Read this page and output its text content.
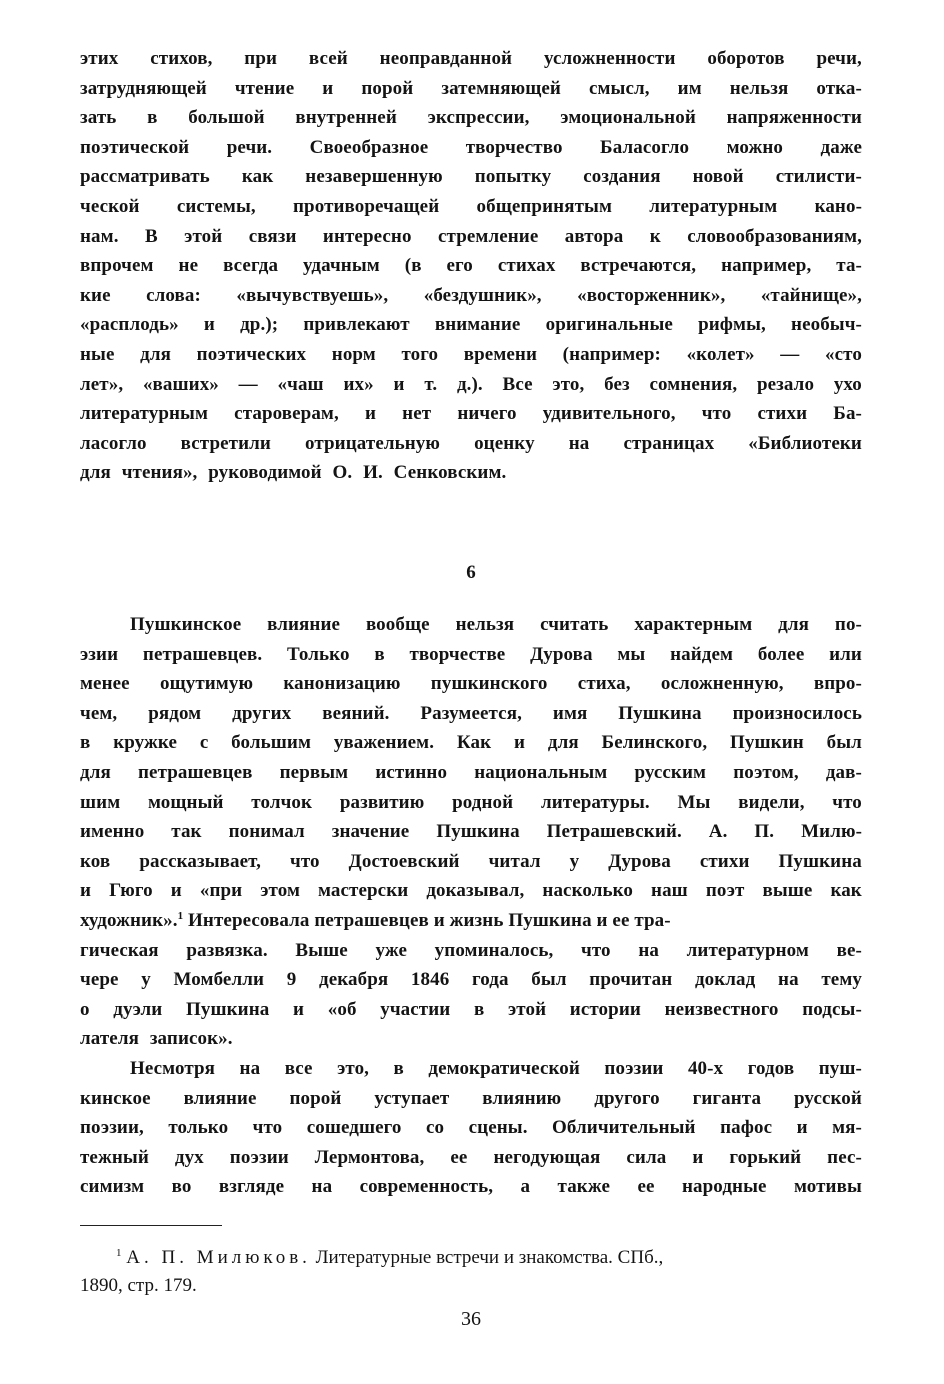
этих стихов, при всей неоправданной усложненности оборотов речи,
затрудняющей чтение и порой затемняющей смысл, им нельзя отка-
зать в большой внутренней экспрессии, эмоциональной напряженности
поэтической речи. Своеобразное творчество Баласогло можно даже
рассматривать как незавершенную попытку создания новой стилисти-
ческой системы, противоречащей общепринятым литературным кано-
нам. В этой связи интересно стремление автора к словообразованиям,
впрочем не всегда удачным (в его стихах встречаются, например, та-
кие слова: «вычувствуешь», «бездушник», «восторженник», «тайнище»,
«расплодь» и др.); привлекают внимание оригинальные рифмы, необыч-
ные для поэтических норм того времени (например: «колет» — «сто
лет», «ваших» — «чаш их» и т. д.). Все это, без сомнения, резало ухо
литературным староверам, и нет ничего удивительного, что стихи Ба-
ласогло встретили отрицательную оценку на страницах «Библиотеки
для чтения», руководимой О. И. Сенковским.
6
Пушкинское влияние вообще нельзя считать характерным для по-
эзии петрашевцев. Только в творчестве Дурова мы найдем более или
менее ощутимую канонизацию пушкинского стиха, осложненную, впро-
чем, рядом других веяний. Разумеется, имя Пушкина произносилось
в кружке с большим уважением. Как и для Белинского, Пушкин был
для петрашевцев первым истинно национальным русским поэтом, дав-
шим мощный толчок развитию родной литературы. Мы видели, что
именно так понимал значение Пушкина Петрашевский. А. П. Милю-
ков рассказывает, что Достоевский читал у Дурова стихи Пушкина
и Гюго и «при этом мастерски доказывал, насколько наш поэт выше как
художник».$^1$ Интересовала петрашевцев и жизнь Пушкина и ее тра-
гическая развязка. Выше уже упоминалось, что на литературном ве-
чере у Момбелли 9 декабря 1846 года был прочитан доклад на тему
о дуэли Пушкина и «об участии в этой истории неизвестного подсы-
лателя записок».
Несмотря на все это, в демократической поэзии 40-х годов пуш-
кинское влияние порой уступает влиянию другого гиганта русской
поэзии, только что сошедшего со сцены. Обличительный пафос и мя-
тежный дух поэзии Лермонтова, ее негодующая сила и горький пес-
симизм во взгляде на современность, а также ее народные мотивы
$^1$ А. П. Милюков. Литературные встречи и знакомства. СПб.,
1890, стр. 179.
36
